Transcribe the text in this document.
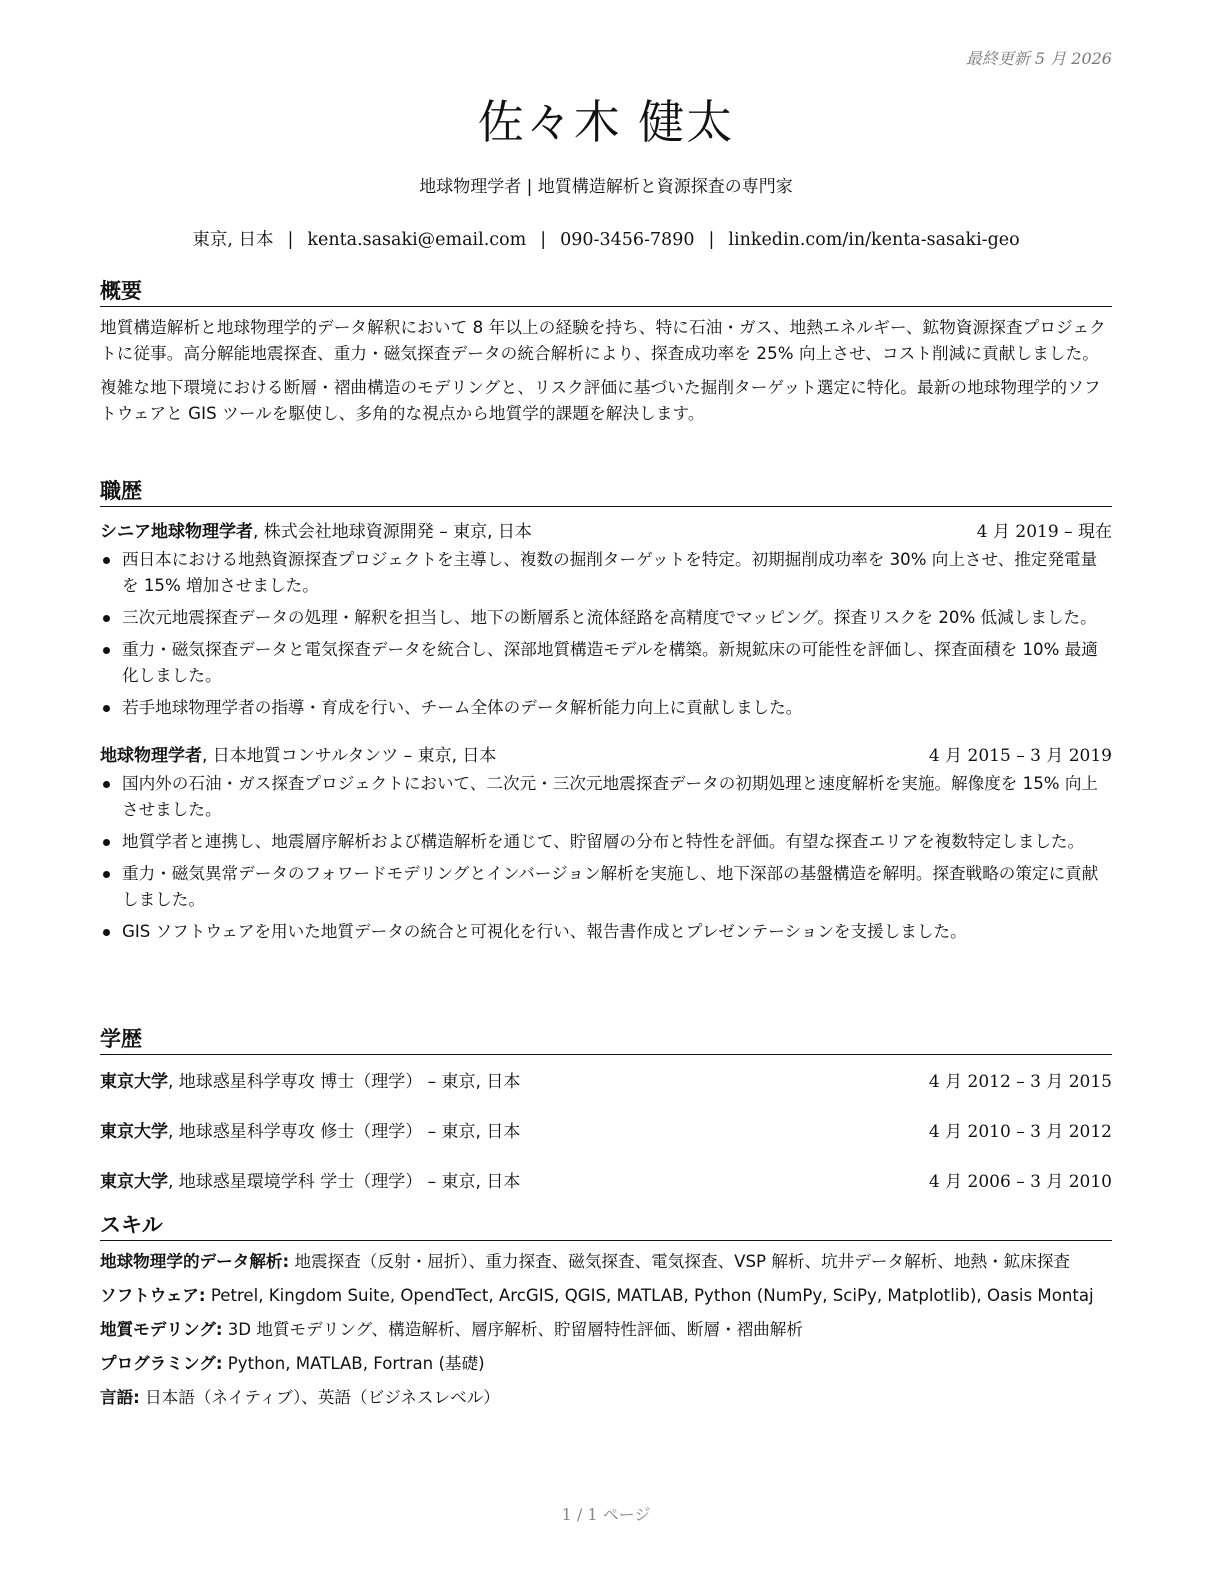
最終更新 5 月 2026
佐々木 健太
地球物理学者 | 地質構造解析と資源探査の専門家
東京, 日本 | kenta.sasaki@email.com | 090-3456-7890 | linkedin.com/in/kenta-sasaki-geo
概要
地質構造解析と地球物理学的データ解釈において 8 年以上の経験を持ち、特に石油・ガス、地熱エネルギー、鉱物資源探査プロジェクトに従事。高分解能地震探査、重力・磁気探査データの統合解析により、探査成功率を 25% 向上させ、コスト削減に貢献しました。
複雑な地下環境における断層・褶曲構造のモデリングと、リスク評価に基づいた掘削ターゲット選定に特化。最新の地球物理学的ソフトウェアと GIS ツールを駆使し、多角的な視点から地質学的課題を解決します。
職歴
シニア地球物理学者, 株式会社地球資源開発 – 東京, 日本	4 月 2019 – 現在
西日本における地熱資源探査プロジェクトを主導し、複数の掘削ターゲットを特定。初期掘削成功率を 30% 向上させ、推定発電量を 15% 増加させました。
三次元地震探査データの処理・解釈を担当し、地下の断層系と流体経路を高精度でマッピング。探査リスクを 20% 低減しました。
重力・磁気探査データと電気探査データを統合し、深部地質構造モデルを構築。新規鉱床の可能性を評価し、探査面積を 10% 最適化しました。
若手地球物理学者の指導・育成を行い、チーム全体のデータ解析能力向上に貢献しました。
地球物理学者, 日本地質コンサルタンツ – 東京, 日本	4 月 2015 – 3 月 2019
国内外の石油・ガス探査プロジェクトにおいて、二次元・三次元地震探査データの初期処理と速度解析を実施。解像度を 15% 向上させました。
地質学者と連携し、地震層序解析および構造解析を通じて、貯留層の分布と特性を評価。有望な探査エリアを複数特定しました。
重力・磁気異常データのフォワードモデリングとインバージョン解析を実施し、地下深部の基盤構造を解明。探査戦略の策定に貢献しました。
GIS ソフトウェアを用いた地質データの統合と可視化を行い、報告書作成とプレゼンテーションを支援しました。
学歴
東京大学, 地球惑星科学専攻 博士（理学） – 東京, 日本	4 月 2012 – 3 月 2015
東京大学, 地球惑星科学専攻 修士（理学） – 東京, 日本	4 月 2010 – 3 月 2012
東京大学, 地球惑星環境学科 学士（理学） – 東京, 日本	4 月 2006 – 3 月 2010
スキル
地球物理学的データ解析: 地震探査（反射・屈折）、重力探査、磁気探査、電気探査、VSP 解析、坑井データ解析、地熱・鉱床探査
ソフトウェア: Petrel, Kingdom Suite, OpendTect, ArcGIS, QGIS, MATLAB, Python (NumPy, SciPy, Matplotlib), Oasis Montaj
地質モデリング: 3D 地質モデリング、構造解析、層序解析、貯留層特性評価、断層・褶曲解析
プログラミング: Python, MATLAB, Fortran (基礎)
言語: 日本語（ネイティブ）、英語（ビジネスレベル）
1 / 1 ページ
